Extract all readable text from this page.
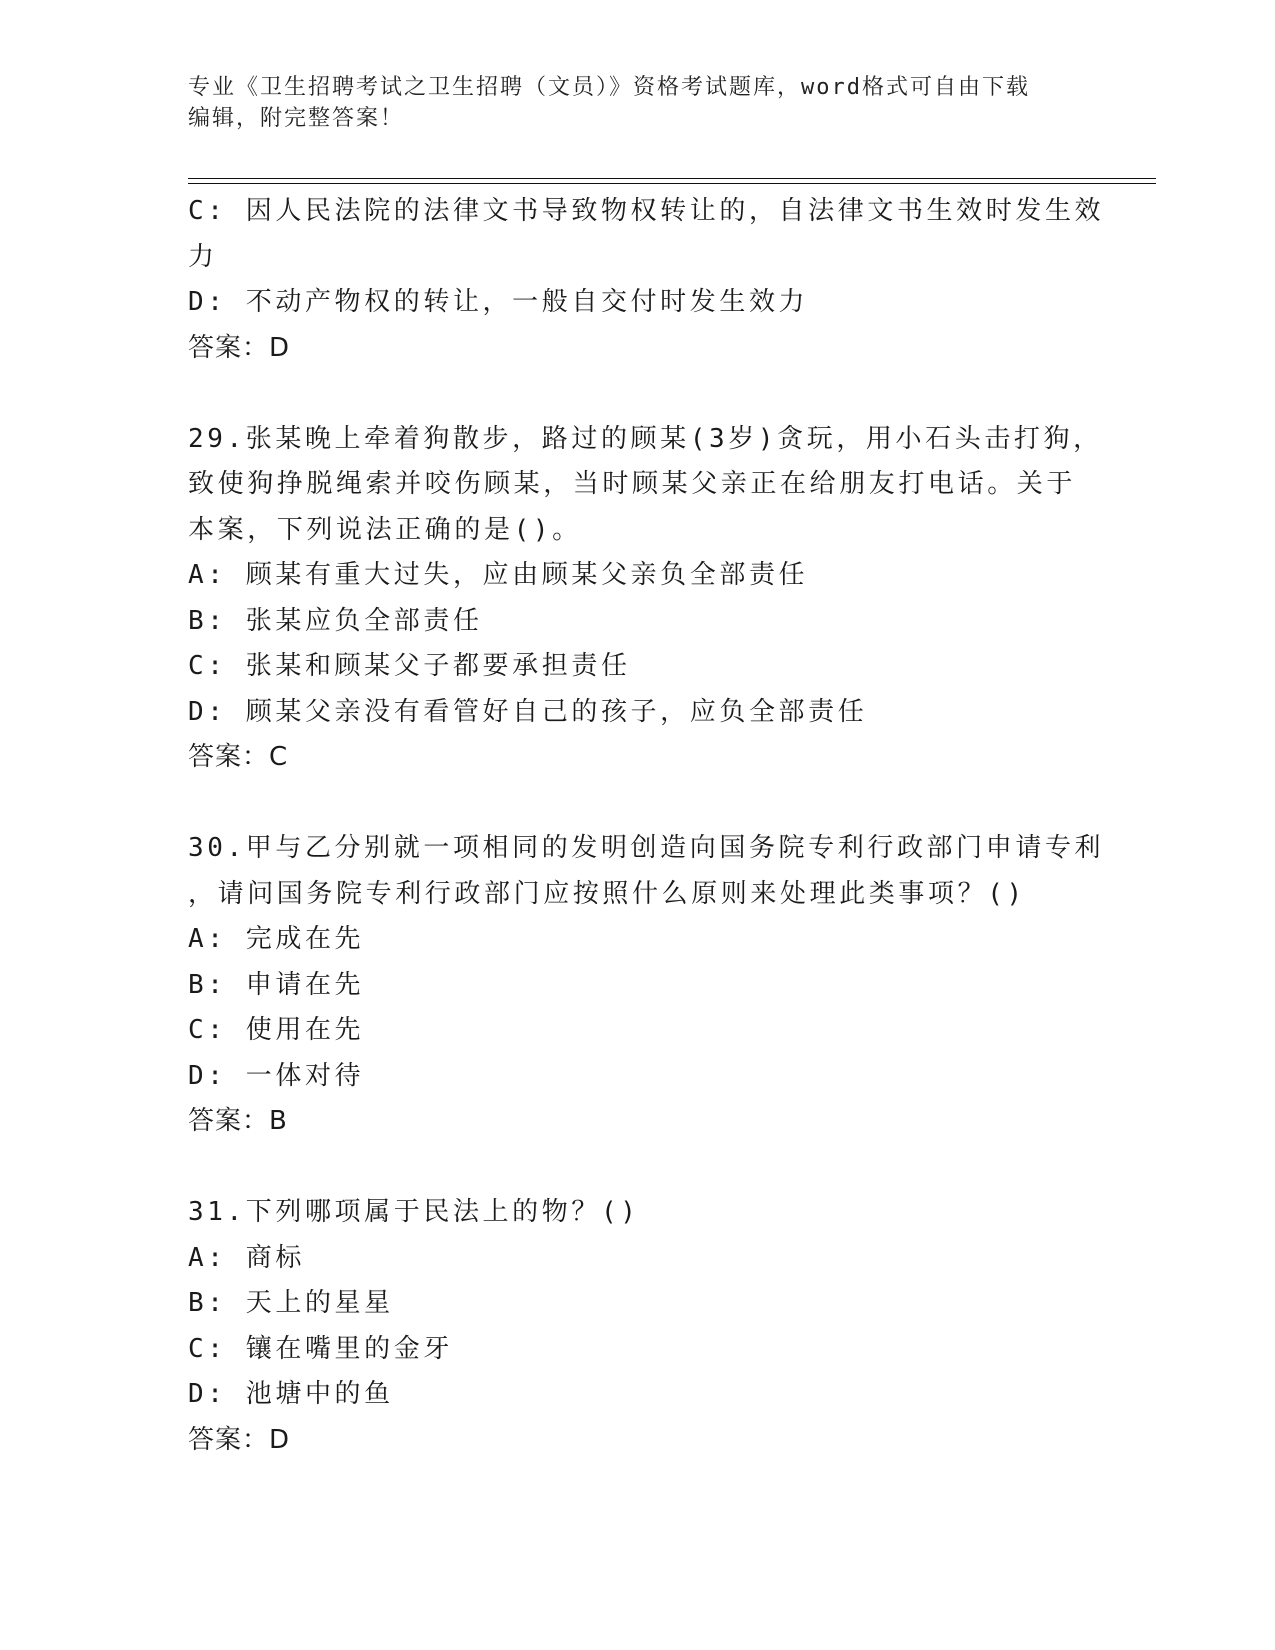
专业《卫生招聘考试之卫生招聘（文员）》资格考试题库，word格式可自由下载
编辑，附完整答案！
C: 因人民法院的法律文书导致物权转让的，自法律文书生效时发生效
力
D: 不动产物权的转让，一般自交付时发生效力
答案：D
29.张某晚上牵着狗散步，路过的顾某(3岁)贪玩，用小石头击打狗，
致使狗挣脱绳索并咬伤顾某，当时顾某父亲正在给朋友打电话。关于
本案，下列说法正确的是()。
A: 顾某有重大过失，应由顾某父亲负全部责任
B: 张某应负全部责任
C: 张某和顾某父子都要承担责任
D: 顾某父亲没有看管好自己的孩子，应负全部责任
答案：C
30.甲与乙分别就一项相同的发明创造向国务院专利行政部门申请专利
，请问国务院专利行政部门应按照什么原则来处理此类事项？()
A: 完成在先
B: 申请在先
C: 使用在先
D: 一体对待
答案：B
31.下列哪项属于民法上的物？()
A: 商标
B: 天上的星星
C: 镶在嘴里的金牙
D: 池塘中的鱼
答案：D
